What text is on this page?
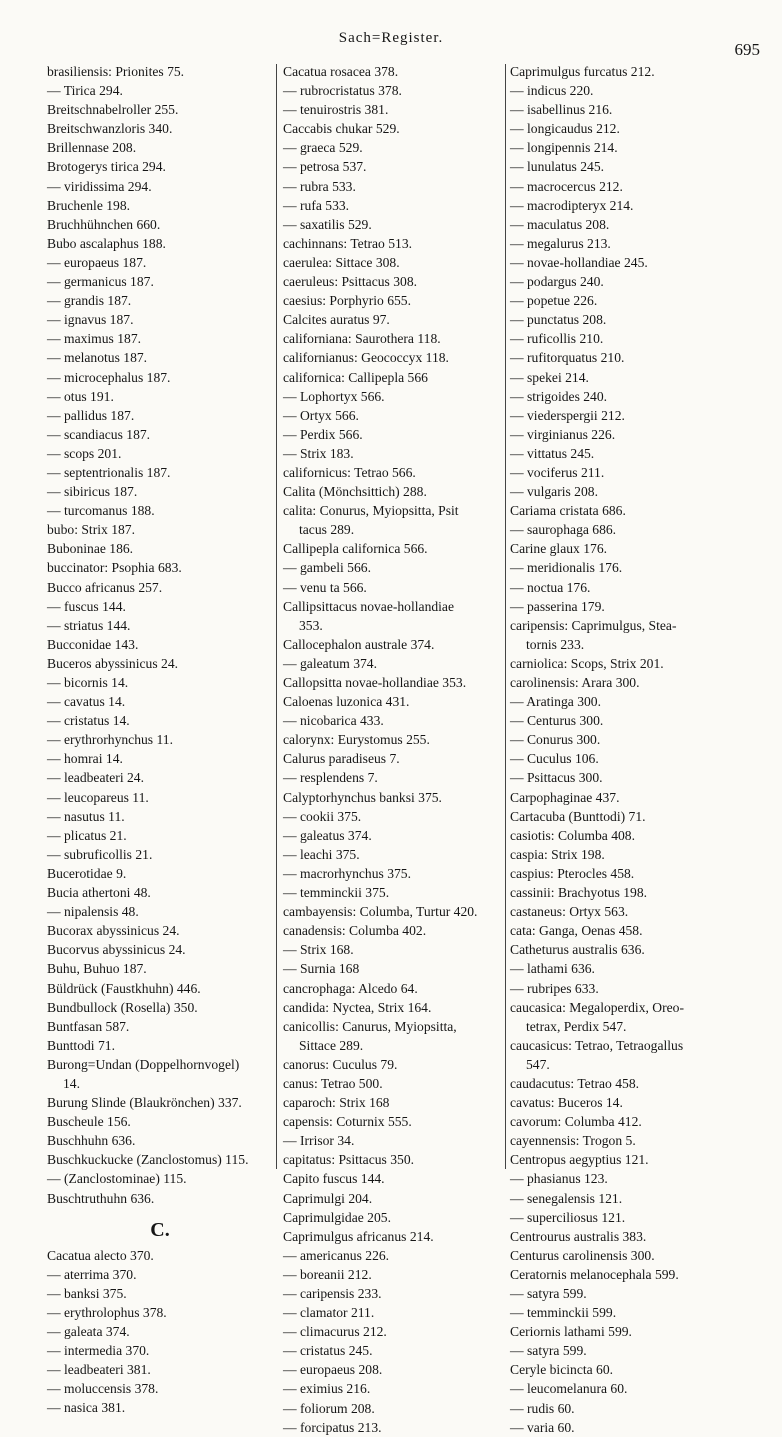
Sach=Register.
695
brasiliensis: Prionites 75.
— Tirica 294.
Breitschnabelroller 255.
Breitschwanzloris 340.
Brillennase 208.
Brotogerys tirica 294.
— viridissima 294.
Bruchenle 198.
Bruchhühnchen 660.
Bubo ascalaphus 188.
— europaeus 187.
— germanicus 187.
— grandis 187.
— ignavus 187.
— maximus 187.
— melanotus 187.
— microcephalus 187.
— otus 191.
— pallidus 187.
— scandiacus 187.
— scops 201.
— septentrionalis 187.
— sibiricus 187.
— turcomanus 188.
bubo: Strix 187.
Buboninae 186.
buccinator: Psophia 683.
Bucco africanus 257.
— fuscus 144.
— striatus 144.
Bucconidae 143.
Buceros abyssinicus 24.
— bicornis 14.
— cavatus 14.
— cristatus 14.
— erythrorhynchus 11.
— homrai 14.
— leadbeateri 24.
— leucopareus 11.
— nasutus 11.
— plicatus 21.
— subruficollis 21.
Bucerotidae 9.
Bucia athertoni 48.
— nipalensis 48.
Bucorax abyssinicus 24.
Bucorvus abyssinicus 24.
Buhu, Buhuo 187.
Büldrück (Faustkhuhn) 446.
Bundbullock (Rosella) 350.
Buntfasan 587.
Bunttodi 71.
Burong=Undan (Doppelhornvogel)
14.
Burung Slinde (Blaukrönchen) 337.
Buscheule 156.
Buschhuhn 636.
Buschkuckucke (Zanclostomus) 115.
— (Zanclostominae) 115.
Buschtruthuhn 636.
C.
Cacatua alecto 370.
— aterrima 370.
— banksi 375.
— erythrolophus 378.
— galeata 374.
— intermedia 370.
— leadbeateri 381.
— moluccensis 378.
— nasica 381.
Cacatua rosacea 378.
— rubrocristatus 378.
— tenuirostris 381.
Caccabis chukar 529.
— graeca 529.
— petrosa 537.
— rubra 533.
— rufa 533.
— saxatilis 529.
cachinnans: Tetrao 513.
caerulea: Sittace 308.
caeruleus: Psittacus 308.
caesius: Porphyrio 655.
Calcites auratus 97.
californiana: Saurothera 118.
californianus: Geococcyx 118.
californica: Callipepla 566
— Lophortyx 566.
— Ortyx 566.
— Perdix 566.
— Strix 183.
californicus: Tetrao 566.
Calita (Mönchsittich) 288.
calita: Conurus, Myiopsitta, Psit
tacus 289.
Callipepla californica 566.
— gambeli 566.
— venu ta 566.
Callipsittacus novae-hollandiae
353.
Callocephalon australe 374.
— galeatum 374.
Callopsitta novae-hollandiae 353.
Caloenas luzonica 431.
— nicobarica 433.
calorynx: Eurystomus 255.
Calurus paradiseus 7.
— resplendens 7.
Calyptorhynchus banksi 375.
— cookii 375.
— galeatus 374.
— leachi 375.
— macrorhynchus 375.
— temminckii 375.
cambayensis: Columba, Turtur 420.
canadensis: Columba 402.
— Strix 168.
— Surnia 168
cancrophaga: Alcedo 64.
candida: Nyctea, Strix 164.
canicollis: Canurus, Myiopsitta,
Sittace 289.
canorus: Cuculus 79.
canus: Tetrao 500.
caparoch: Strix 168
capensis: Coturnix 555.
— Irrisor 34.
capitatus: Psittacus 350.
Capito fuscus 144.
Caprimulgi 204.
Caprimulgidae 205.
Caprimulgus africanus 214.
— americanus 226.
— boreanii 212.
— caripensis 233.
— clamator 211.
— climacurus 212.
— cristatus 245.
— europaeus 208.
— eximius 216.
— foliorum 208.
— forcipatus 213.
Caprimulgus furcatus 212.
— indicus 220.
— isabellinus 216.
— longicaudus 212.
— longipennis 214.
— lunulatus 245.
— macrocercus 212.
— macrodipteryx 214.
— maculatus 208.
— megalurus 213.
— novae-hollandiae 245.
— podargus 240.
— popetue 226.
— punctatus 208.
— ruficollis 210.
— rufitorquatus 210.
— spekei 214.
— strigoides 240.
— viederspergii 212.
— virginianus 226.
— vittatus 245.
— vociferus 211.
— vulgaris 208.
Cariama cristata 686.
— saurophaga 686.
Carine glaux 176.
— meridionalis 176.
— noctua 176.
— passerina 179.
caripensis: Caprimulgus, Stea-
tornis 233.
carniolica: Scops, Strix 201.
carolinensis: Arara 300.
— Aratinga 300.
— Centurus 300.
— Conurus 300.
— Cuculus 106.
— Psittacus 300.
Carpophaginae 437.
Cartacuba (Bunttodi) 71.
casiotis: Columba 408.
caspia: Strix 198.
caspius: Pterocles 458.
cassinii: Brachyotus 198.
castaneus: Ortyx 563.
cata: Ganga, Oenas 458.
Catheturus australis 636.
— lathami 636.
— rubripes 633.
caucasica: Megaloperdix, Oreo-
tetrax, Perdix 547.
caucasicus: Tetrao, Tetraogallus
547.
caudacutus: Tetrao 458.
cavatus: Buceros 14.
cavorum: Columba 412.
cayennensis: Trogon 5.
Centropus aegyptius 121.
— phasianus 123.
— senegalensis 121.
— superciliosus 121.
Centrourus australis 383.
Centurus carolinensis 300.
Ceratornis melanocephala 599.
— satyra 599.
— temminckii 599.
Ceriornis lathami 599.
— satyra 599.
Ceryle bicincta 60.
— leucomelanura 60.
— rudis 60.
— varia 60.
